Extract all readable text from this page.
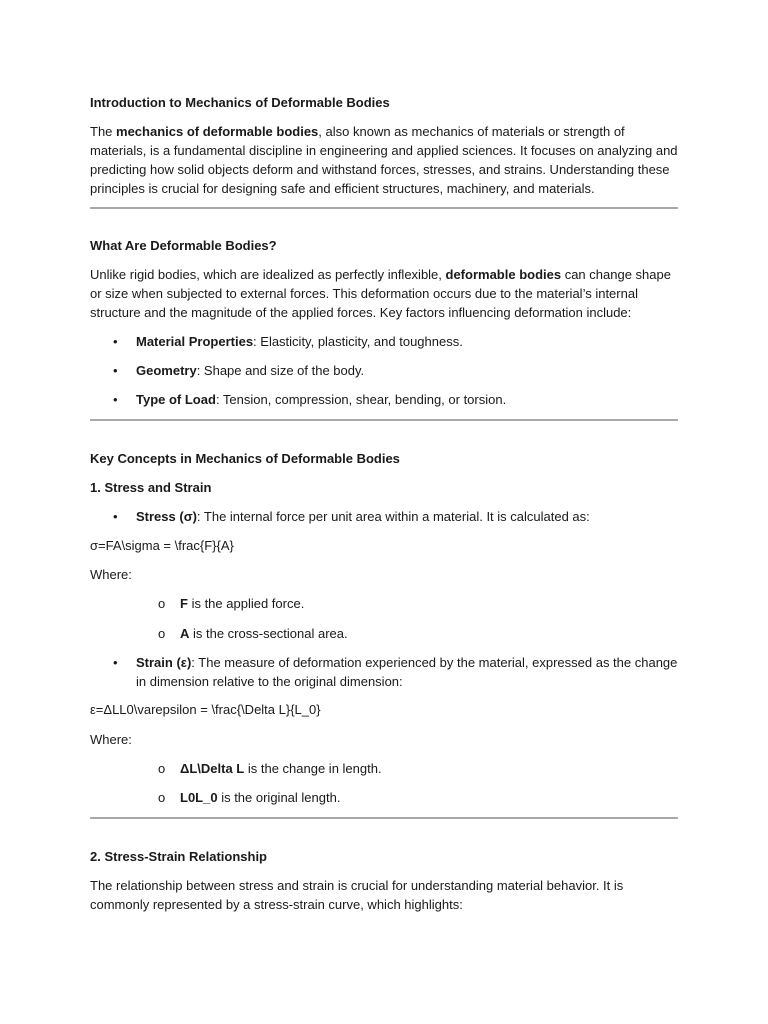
Introduction to Mechanics of Deformable Bodies

The mechanics of deformable bodies, also known as mechanics of materials or strength of materials, is a fundamental discipline in engineering and applied sciences. It focuses on analyzing and predicting how solid objects deform and withstand forces, stresses, and strains. Understanding these principles is crucial for designing safe and efficient structures, machinery, and materials.

What Are Deformable Bodies?

Unlike rigid bodies, which are idealized as perfectly inflexible, deformable bodies can change shape or size when subjected to external forces. This deformation occurs due to the material’s internal structure and the magnitude of the applied forces. Key factors influencing deformation include:

• Material Properties: Elasticity, plasticity, and toughness.
• Geometry: Shape and size of the body.
• Type of Load: Tension, compression, shear, bending, or torsion.

Key Concepts in Mechanics of Deformable Bodies

1. Stress and Strain

• Stress (σ): The internal force per unit area within a material. It is calculated as:

σ=FA\sigma = \frac{F}{A}

Where:

o F is the applied force.
o A is the cross-sectional area.
• Strain (ε): The measure of deformation experienced by the material, expressed as the change in dimension relative to the original dimension:

ε=ΔLL0\varepsilon = \frac{\Delta L}{L_0}

Where:

o ΔL\Delta L is the change in length.
o L0L_0 is the original length.

2. Stress-Strain Relationship

The relationship between stress and strain is crucial for understanding material behavior. It is commonly represented by a stress-strain curve, which highlights:
